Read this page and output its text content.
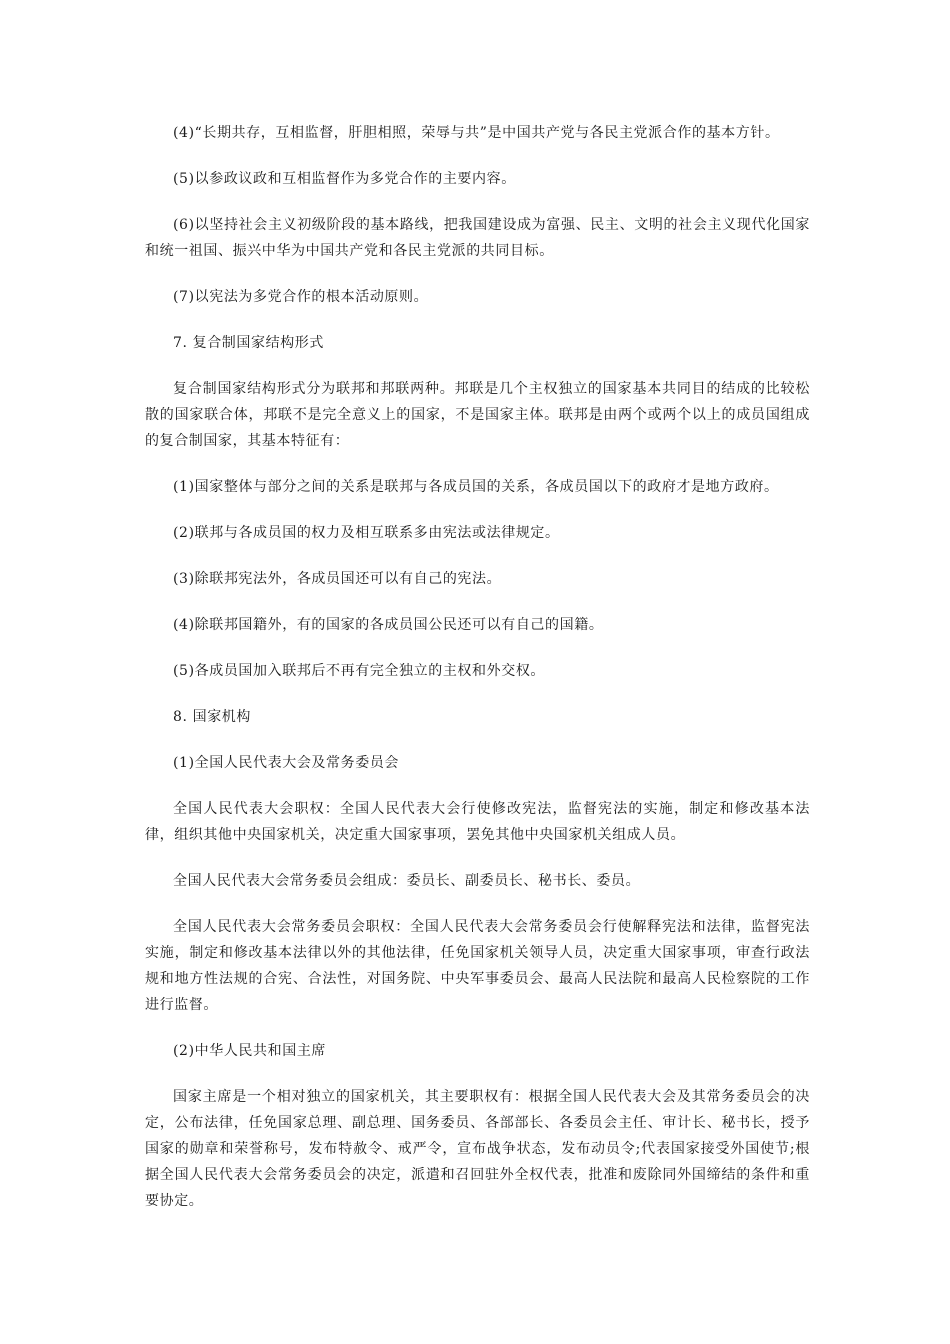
(4)“长期共存，互相监督，肝胆相照，荣辱与共”是中国共产党与各民主党派合作的基本方针。

(5)以参政议政和互相监督作为多党合作的主要内容。

(6)以坚持社会主义初级阶段的基本路线，把我国建设成为富强、民主、文明的社会主义现代化国家和统一祖国、振兴中华为中国共产党和各民主党派的共同目标。

(7)以宪法为多党合作的根本活动原则。

7. 复合制国家结构形式

复合制国家结构形式分为联邦和邦联两种。邦联是几个主权独立的国家基本共同目的结成的比较松散的国家联合体，邦联不是完全意义上的国家，不是国家主体。联邦是由两个或两个以上的成员国组成的复合制国家，其基本特征有：

(1)国家整体与部分之间的关系是联邦与各成员国的关系，各成员国以下的政府才是地方政府。

(2)联邦与各成员国的权力及相互联系多由宪法或法律规定。

(3)除联邦宪法外，各成员国还可以有自己的宪法。

(4)除联邦国籍外，有的国家的各成员国公民还可以有自己的国籍。

(5)各成员国加入联邦后不再有完全独立的主权和外交权。

8. 国家机构

(1)全国人民代表大会及常务委员会

全国人民代表大会职权：全国人民代表大会行使修改宪法，监督宪法的实施，制定和修改基本法律，组织其他中央国家机关，决定重大国家事项，罢免其他中央国家机关组成人员。

全国人民代表大会常务委员会组成：委员长、副委员长、秘书长、委员。

全国人民代表大会常务委员会职权：全国人民代表大会常务委员会行使解释宪法和法律，监督宪法实施，制定和修改基本法律以外的其他法律，任免国家机关领导人员，决定重大国家事项，审查行政法规和地方性法规的合宪、合法性，对国务院、中央军事委员会、最高人民法院和最高人民检察院的工作进行监督。

(2)中华人民共和国主席

国家主席是一个相对独立的国家机关，其主要职权有：根据全国人民代表大会及其常务委员会的决定，公布法律，任免国家总理、副总理、国务委员、各部部长、各委员会主任、审计长、秘书长，授予国家的勋章和荣誉称号，发布特赦令、戒严令，宣布战争状态，发布动员令;代表国家接受外国使节;根据全国人民代表大会常务委员会的决定，派遣和召回驻外全权代表，批准和废除同外国缔结的条件和重要协定。
